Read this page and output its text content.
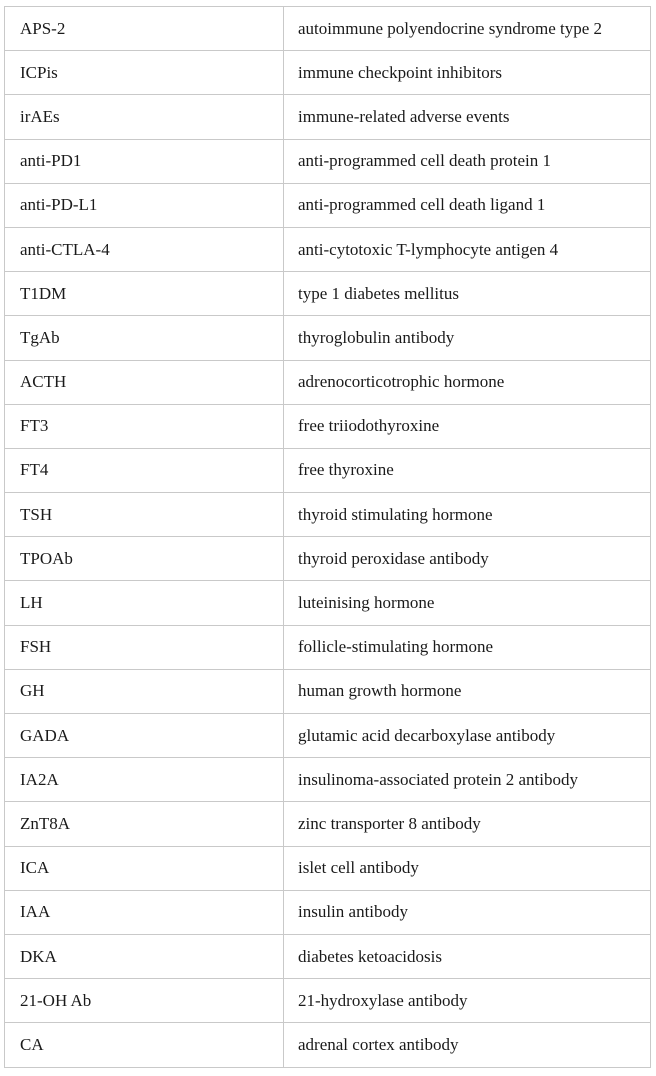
APS-2	autoimmune polyendocrine syndrome type 2
ICPis	immune checkpoint inhibitors
irAEs	immune-related adverse events
anti-PD1	anti-programmed cell death protein 1
anti-PD-L1	anti-programmed cell death ligand 1
anti-CTLA-4	anti-cytotoxic T-lymphocyte antigen 4
T1DM	type 1 diabetes mellitus
TgAb	thyroglobulin antibody
ACTH	adrenocorticotrophic hormone
FT3	free triiodothyroxine
FT4	free thyroxine
TSH	thyroid stimulating hormone
TPOAb	thyroid peroxidase antibody
LH	luteinising hormone
FSH	follicle-stimulating hormone
GH	human growth hormone
GADA	glutamic acid decarboxylase antibody
IA2A	insulinoma-associated protein 2 antibody
ZnT8A	zinc transporter 8 antibody
ICA	islet cell antibody
IAA	insulin antibody
DKA	diabetes ketoacidosis
21-OH Ab	21-hydroxylase antibody
CA	adrenal cortex antibody
